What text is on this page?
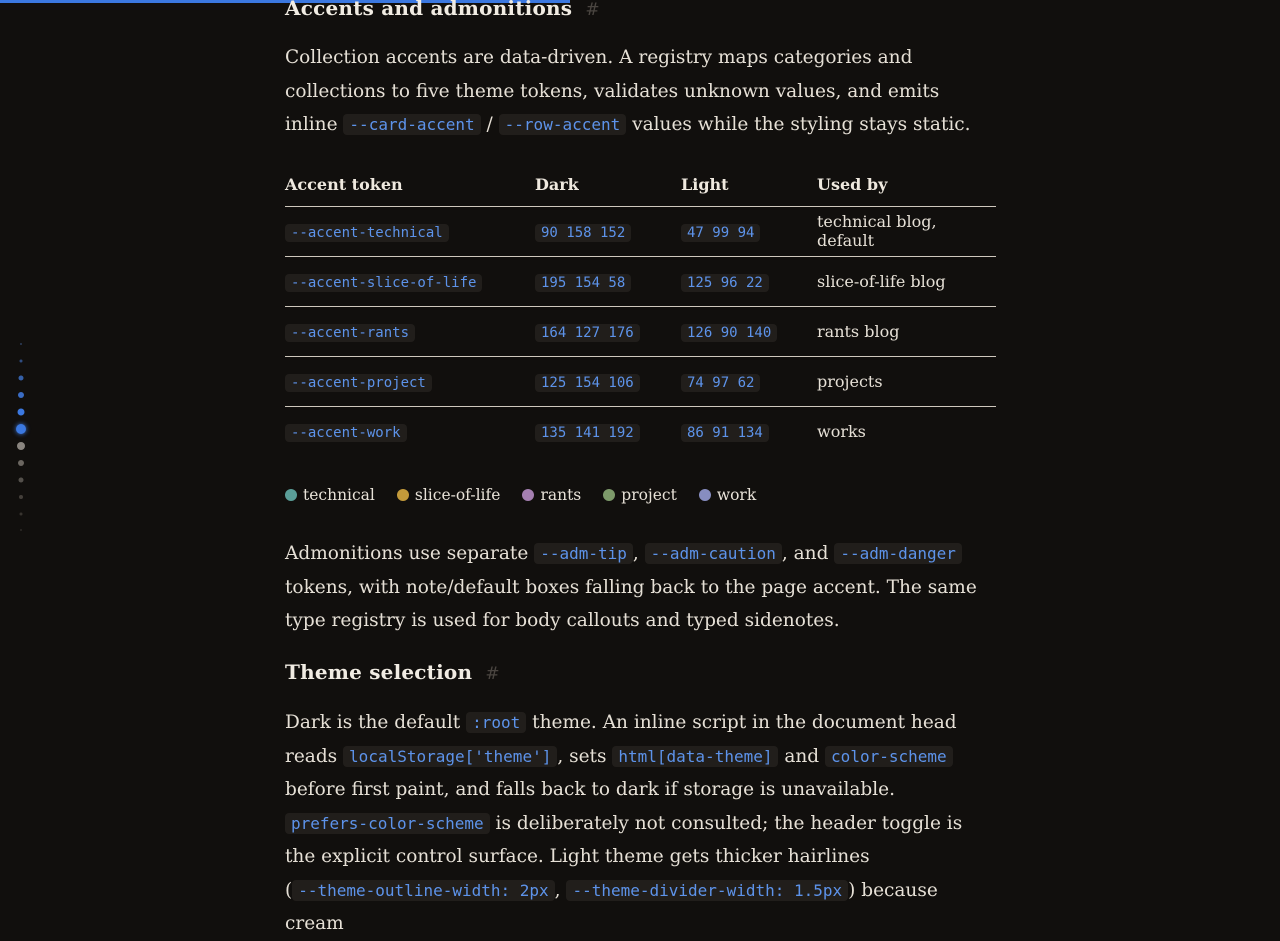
Accents and admonitions #

Collection accents are data-driven. A registry maps categories and collections to five theme tokens, validates unknown values, and emits inline --card-accent / --row-accent values while the styling stays static.

Accent token	Dark	Light	Used by
--accent-technical	90 158 152	47 99 94	technical blog, default
--accent-slice-of-life	195 154 58	125 96 22	slice-of-life blog
--accent-rants	164 127 176	126 90 140	rants blog
--accent-project	125 154 106	74 97 62	projects
--accent-work	135 141 192	86 91 134	works
technical	slice-of-life	rants	project	work

Admonitions use separate --adm-tip , --adm-caution , and --adm-danger tokens, with note/default boxes falling back to the page accent. The same type registry is used for body callouts and typed sidenotes.

Theme selection #

Dark is the default :root theme. An inline script in the document head reads localStorage['theme'] , sets html[data-theme] and color-scheme before first paint, and falls back to dark if storage is unavailable. prefers-color-scheme is deliberately not consulted; the header toggle is the explicit control surface. Light theme gets thicker hairlines ( --theme-outline-width: 2px , --theme-divider-width: 1.5px ) because cream
